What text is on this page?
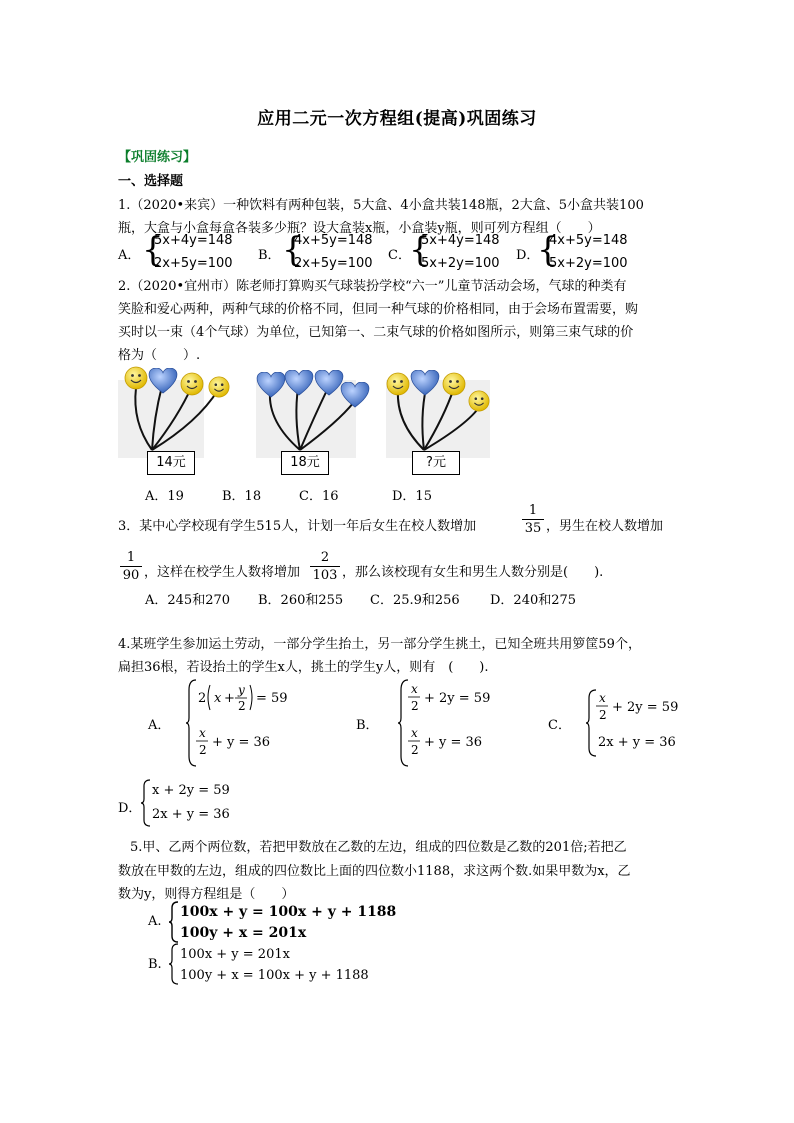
应用二元一次方程组(提高)巩固练习
【巩固练习】
一、选择题
1.（2020•来宾）一种饮料有两种包装，5大盒、4小盒共装148瓶，2大盒、5小盒共装100
瓶，大盒与小盒每盒各装多少瓶？设大盒装x瓶，小盒装y瓶，则可列方程组（　　）
A． {
5x+4y=148
2x+5y=100
B． {
4x+5y=148
2x+5y=100
C．
{
5x+4y=148
5x+2y=100
D．
{
4x+5y=148
5x+2y=100
2.（2020•宜州市）陈老师打算购买气球装扮学校“六一”儿童节活动会场，气球的种类有
笑脸和爱心两种，两种气球的价格不同，但同一种气球的价格相同，由于会场布置需要，购
买时以一束（4个气球）为单位，已知第一、二束气球的价格如图所示，则第三束气球的价
格为（　　）.
14元	18元	?元
A．19	B．18	C．16	D．15
3．某中心学校现有学生515人，计划一年后女生在校人数增加
1
35 ，男生在校人数增加
1
90 ，这样在校学生人数将增加
2
103 ，那么该校现有女生和男生人数分别是(　　).
A．245和270 B．260和255 C．25.9和256 D．240和275
4.某班学生参加运土劳动，一部分学生抬土，另一部分学生挑土，已知全班共用箩筐59个，
扁担36根，若设抬土的学生x人，挑土的学生y人，则有　(　　).
A．
2 x +
y
2 = 59
x
2 + y = 36
B．
x
2 + 2y = 59
x
2 + y = 36
C．
x
2 + 2y = 59
2x + y = 36
D．
x + 2y = 59
2x + y = 36
5.甲、乙两个两位数，若把甲数放在乙数的左边，组成的四位数是乙数的201倍;若把乙
数放在甲数的左边，组成的四位数比上面的四位数小1188，求这两个数.如果甲数为x，乙
数为y，则得方程组是（　　）
A.
100x + y = 100x + y + 1188
100y + x = 201x
B.
100x + y = 201x
100y + x = 100x + y + 1188
